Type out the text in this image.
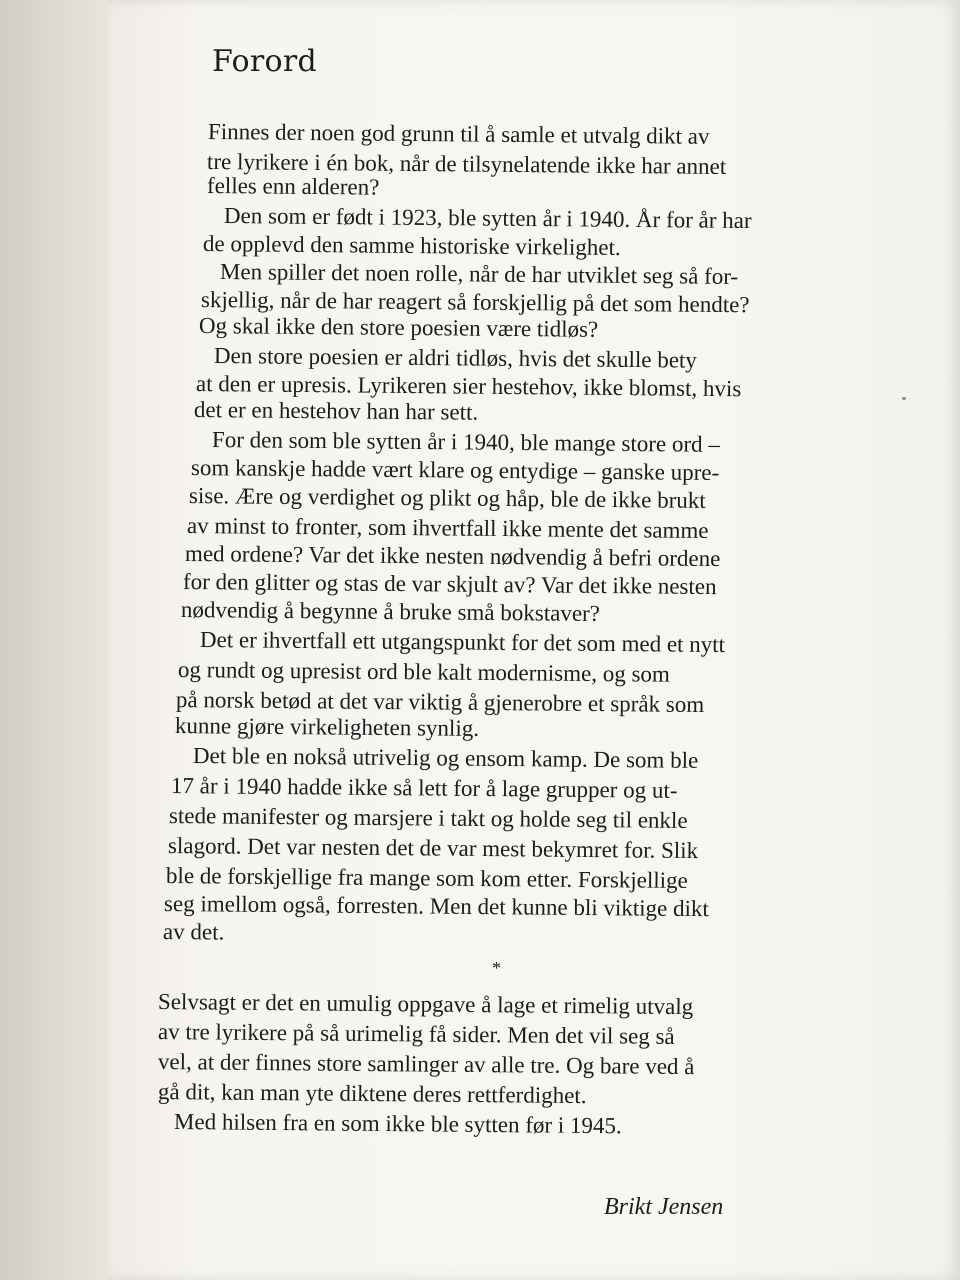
Forord

Finnes der noen god grunn til å samle et utvalg dikt av

tre lyrikere i én bok, når de tilsynelatende ikke har annet

felles enn alderen?

Den som er født i 1923, ble sytten år i 1940. År for år har

de opplevd den samme historiske virkelighet.

Men spiller det noen rolle, når de har utviklet seg så for-

skjellig, når de har reagert så forskjellig på det som hendte?

Og skal ikke den store poesien være tidløs?

Den store poesien er aldri tidløs, hvis det skulle bety

at den er upresis. Lyrikeren sier hestehov, ikke blomst, hvis

det er en hestehov han har sett.

For den som ble sytten år i 1940, ble mange store ord –

som kanskje hadde vært klare og entydige – ganske upre-

sise. Ære og verdighet og plikt og håp, ble de ikke brukt

av minst to fronter, som ihvertfall ikke mente det samme

med ordene? Var det ikke nesten nødvendig å befri ordene

for den glitter og stas de var skjult av? Var det ikke nesten

nødvendig å begynne å bruke små bokstaver?

Det er ihvertfall ett utgangspunkt for det som med et nytt

og rundt og upresist ord ble kalt modernisme, og som

på norsk betød at det var viktig å gjenerobre et språk som

kunne gjøre virkeligheten synlig.

Det ble en nokså utrivelig og ensom kamp. De som ble

17 år i 1940 hadde ikke så lett for å lage grupper og ut-

stede manifester og marsjere i takt og holde seg til enkle

slagord. Det var nesten det de var mest bekymret for. Slik

ble de forskjellige fra mange som kom etter. Forskjellige

seg imellom også, forresten. Men det kunne bli viktige dikt

av det.

Selvsagt er det en umulig oppgave å lage et rimelig utvalg

av tre lyrikere på så urimelig få sider. Men det vil seg så

vel, at der finnes store samlinger av alle tre. Og bare ved å

gå dit, kan man yte diktene deres rettferdighet.

Med hilsen fra en som ikke ble sytten før i 1945.

*

Brikt Jensen
